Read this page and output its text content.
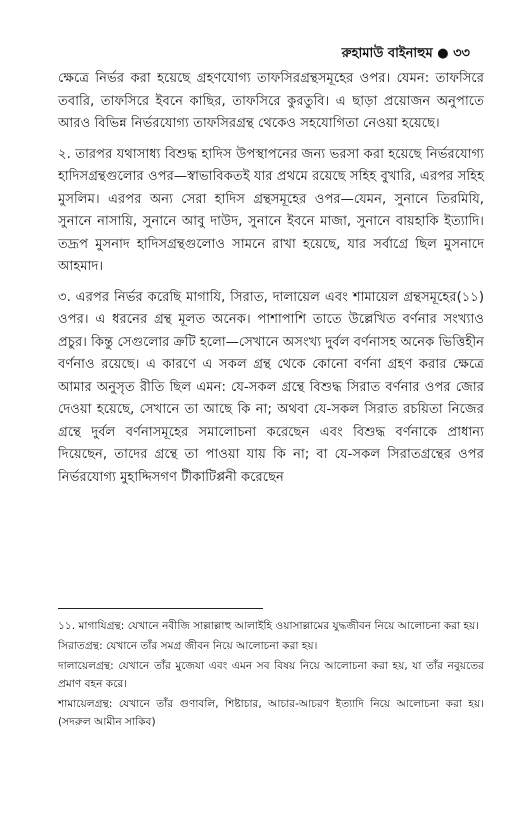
রুহামাউ বাইনাহুম ● ৩৩

ক্ষেত্রে নির্ভর করা হয়েছে গ্রহণযোগ্য তাফসিরগ্রন্থসমূহের ওপর। যেমন: তাফসিরে তবারি, তাফসিরে ইবনে কাছির, তাফসিরে কুরতুবি। এ ছাড়া প্রয়োজন অনুপাতে আরও বিভিন্ন নির্ভরযোগ্য তাফসিরগ্রন্থ থেকেও সহযোগিতা নেওয়া হয়েছে।

২. তারপর যথাসাধ্য বিশুদ্ধ হাদিস উপস্থাপনের জন্য ভরসা করা হয়েছে নির্ভরযোগ্য হাদিসগ্রন্থগুলোর ওপর—স্বাভাবিকতই যার প্রথমে রয়েছে সহিহ বুখারি, এরপর সহিহ মুসলিম। এরপর অন্য সেরা হাদিস গ্রন্থসমূহের ওপর—যেমন, সুনানে তিরমিযি, সুনানে নাসায়ি, সুনানে আবু দাউদ, সুনানে ইবনে মাজা, সুনানে বায়হাকি ইত্যাদি। তদ্রূপ মুসনাদ হাদিসগ্রন্থগুলোও সামনে রাখা হয়েছে, যার সর্বাগ্রে ছিল মুসনাদে আহমাদ।

৩. এরপর নির্ভর করেছি মাগাযি, সিরাত, দালায়েল এবং শামায়েল গ্রন্থসমূহের(১১) ওপর। এ ধরনের গ্রন্থ মূলত অনেক। পাশাপাশি তাতে উল্লেখিত বর্ণনার সংখ্যাও প্রচুর। কিন্তু সেগুলোর ক্রটি হলো—সেখানে অসংখ্য দুর্বল বর্ণনাসহ অনেক ভিত্তিহীন বর্ণনাও রয়েছে। এ কারণে এ সকল গ্রন্থ থেকে কোনো বর্ণনা গ্রহণ করার ক্ষেত্রে আমার অনুসৃত রীতি ছিল এমন: যে-সকল গ্রন্থে বিশুদ্ধ সিরাত বর্ণনার ওপর জোর দেওয়া হয়েছে, সেখানে তা আছে কি না; অথবা যে-সকল সিরাত রচয়িতা নিজের গ্রন্থে দুর্বল বর্ণনাসমূহের সমালোচনা করেছেন এবং বিশুদ্ধ বর্ণনাকে প্রাধান্য দিয়েছেন, তাদের গ্রন্থে তা পাওয়া যায় কি না; বা যে-সকল সিরাতগ্রন্থের ওপর নির্ভরযোগ্য মুহাদ্দিসগণ টীকাটিপ্পনী করেছেন

১১. মাগাযিগ্রন্থ: যেখানে নবীজি সাল্লাল্লাহু আলাইহি ওয়াসাল্লামের যুদ্ধজীবন নিয়ে আলোচনা করা হয়।

সিরাতগ্রন্থ: যেখানে তাঁর সমগ্র জীবন নিয়ে আলোচনা করা হয়।

দালায়েলগ্রন্থ: যেখানে তাঁর মুজেযা এবং এমন সব বিষয় নিয়ে আলোচনা করা হয়, যা তাঁর নবুয়তের প্রমাণ বহন করে।

শামায়েলগ্রন্থ: যেখানে তাঁর গুণাবলি, শিষ্টাচার, আচার-আচরণ ইত্যাদি নিয়ে আলোচনা করা হয়। (সদরুল আমীন সাকিব)
